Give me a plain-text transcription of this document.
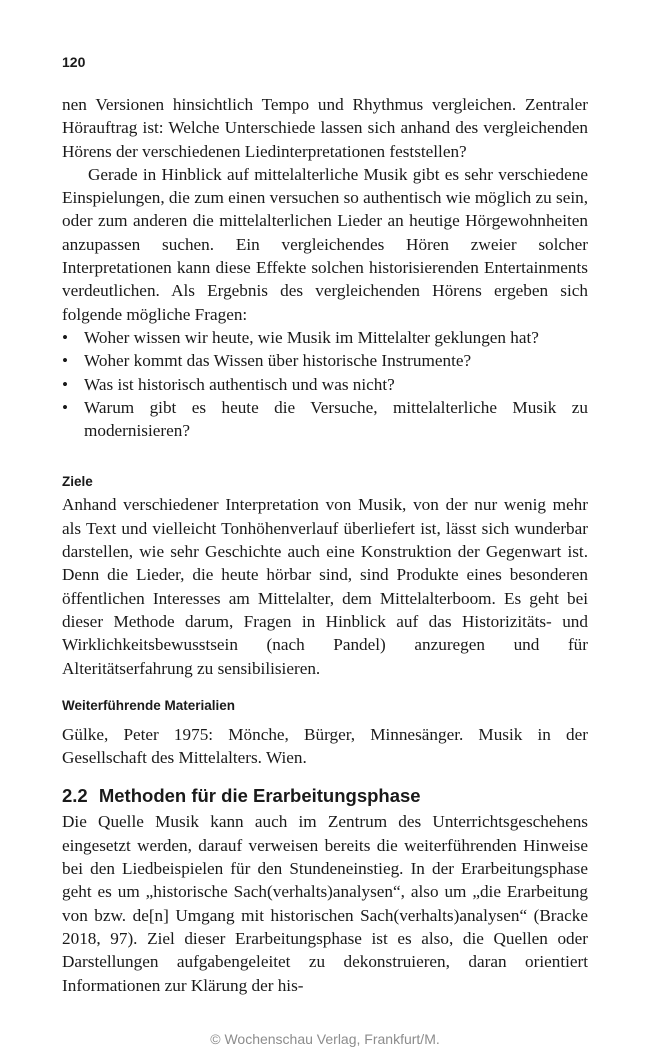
120

nen Versionen hinsichtlich Tempo und Rhythmus vergleichen. Zentraler Hörauftrag ist: Welche Unterschiede lassen sich anhand des vergleichenden Hörens der verschiedenen Liedinterpretationen feststellen?

Gerade in Hinblick auf mittelalterliche Musik gibt es sehr verschiedene Einspielungen, die zum einen versuchen so authentisch wie möglich zu sein, oder zum anderen die mittelalterlichen Lieder an heutige Hörgewohnheiten anzupassen suchen. Ein vergleichendes Hören zweier solcher Interpretationen kann diese Effekte solchen historisierenden Entertainments verdeutlichen. Als Ergebnis des vergleichenden Hörens ergeben sich folgende mögliche Fragen:

• Woher wissen wir heute, wie Musik im Mittelalter geklungen hat?
• Woher kommt das Wissen über historische Instrumente?
• Was ist historisch authentisch und was nicht?
• Warum gibt es heute die Versuche, mittelalterliche Musik zu modernisieren?
Ziele

Anhand verschiedener Interpretation von Musik, von der nur wenig mehr als Text und vielleicht Tonhöhenverlauf überliefert ist, lässt sich wunderbar darstellen, wie sehr Geschichte auch eine Konstruktion der Gegenwart ist. Denn die Lieder, die heute hörbar sind, sind Produkte eines besonderen öffentlichen Interesses am Mittelalter, dem Mittelalterboom. Es geht bei dieser Methode darum, Fragen in Hinblick auf das Historizitäts- und Wirklichkeitsbewusstsein (nach Pandel) anzuregen und für Alteritätserfahrung zu sensibilisieren.

Weiterführende Materialien

Gülke, Peter 1975: Mönche, Bürger, Minnesänger. Musik in der Gesellschaft des Mittelalters. Wien.

2.2 Methoden für die Erarbeitungsphase

Die Quelle Musik kann auch im Zentrum des Unterrichtsgeschehens eingesetzt werden, darauf verweisen bereits die weiterführenden Hinweise bei den Liedbeispielen für den Stundeneinstieg. In der Erarbeitungsphase geht es um „historische Sach(verhalts)analysen“, also um „die Erarbeitung von bzw. de[n] Umgang mit historischen Sach(verhalts)analysen“ (Bracke 2018, 97). Ziel dieser Erarbeitungsphase ist es also, die Quellen oder Darstellungen aufgabengeleitet zu dekonstruieren, daran orientiert Informationen zur Klärung der his-

© Wochenschau Verlag, Frankfurt/M.
